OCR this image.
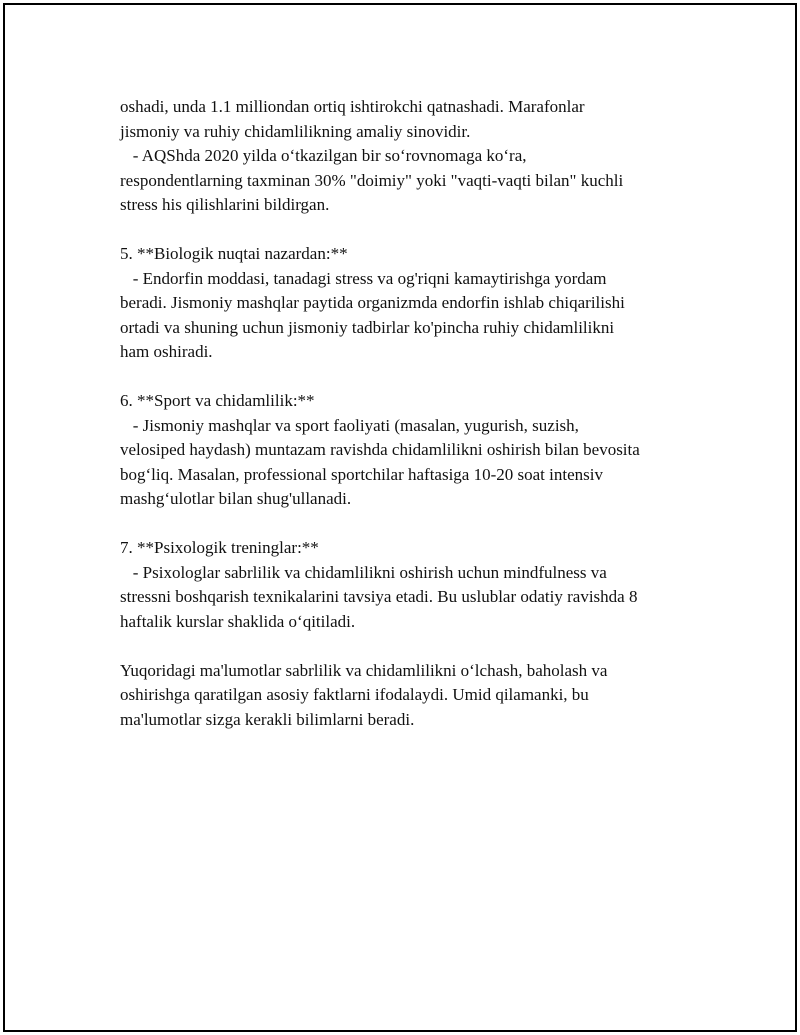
oshadi, unda 1.1 milliondan ortiq ishtirokchi qatnashadi. Marafonlar
jismoniy va ruhiy chidamlilikning amaliy sinovidir.
- AQShda 2020 yilda o‘tkazilgan bir so‘rovnomaga ko‘ra,
respondentlarning taxminan 30% "doimiy" yoki "vaqti-vaqti bilan" kuchli
stress his qilishlarini bildirgan.
5. **Biologik nuqtai nazardan:**
- Endorfin moddasi, tanadagi stress va og'riqni kamaytirishga yordam
beradi. Jismoniy mashqlar paytida organizmda endorfin ishlab chiqarilishi
ortadi va shuning uchun jismoniy tadbirlar ko'pincha ruhiy chidamlilikni
ham oshiradi.
6. **Sport va chidamlilik:**
- Jismoniy mashqlar va sport faoliyati (masalan, yugurish, suzish,
velosiped haydash) muntazam ravishda chidamlilikni oshirish bilan bevosita
bog‘liq. Masalan, professional sportchilar haftasiga 10-20 soat intensiv
mashg‘ulotlar bilan shug'ullanadi.
7. **Psixologik treninglar:**
- Psixologlar sabrlilik va chidamlilikni oshirish uchun mindfulness va
stressni boshqarish texnikalarini tavsiya etadi. Bu uslublar odatiy ravishda 8
haftalik kurslar shaklida o‘qitiladi.
Yuqoridagi ma'lumotlar sabrlilik va chidamlilikni o‘lchash, baholash va
oshirishga qaratilgan asosiy faktlarni ifodalaydi. Umid qilamanki, bu
ma'lumotlar sizga kerakli bilimlarni beradi.
